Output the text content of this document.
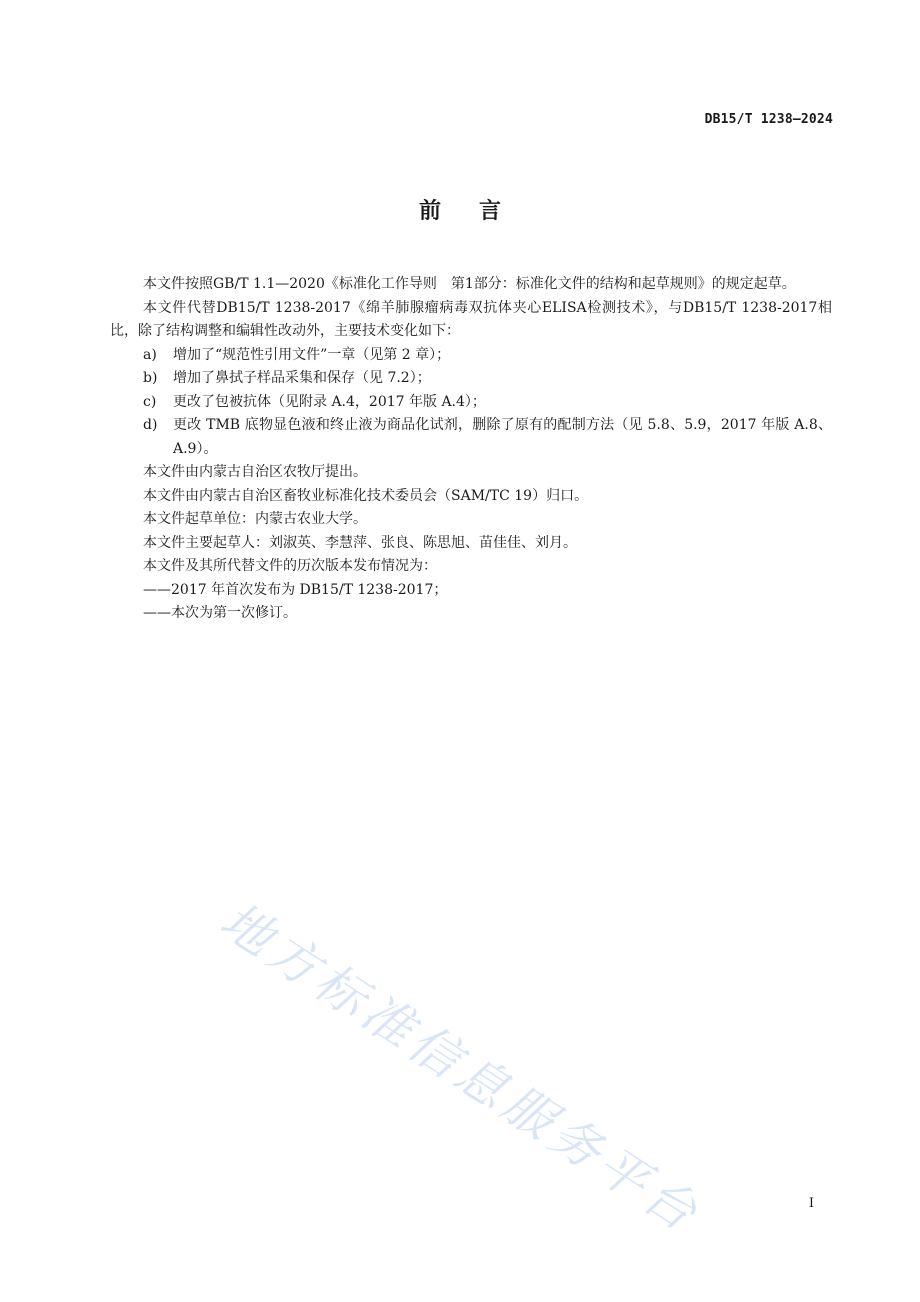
DB15/T 1238—2024
前言

本文件按照GB/T 1.1—2020《标准化工作导则　第1部分：标准化文件的结构和起草规则》的规定起草。

本文件代替DB15/T 1238-2017《绵羊肺腺瘤病毒双抗体夹心ELISA检测技术》，与DB15/T 1238-2017相比，除了结构调整和编辑性改动外，主要技术变化如下：

a)	增加了“规范性引用文件”一章（见第 2 章）；
b)	增加了鼻拭子样品采集和保存（见 7.2）；
c)	更改了包被抗体（见附录 A.4，2017 年版 A.4）；
d)	更改 TMB 底物显色液和终止液为商品化试剂，删除了原有的配制方法（见 5.8、5.9，2017 年版 A.8、A.9）。

本文件由内蒙古自治区农牧厅提出。

本文件由内蒙古自治区畜牧业标准化技术委员会（SAM/TC 19）归口。

本文件起草单位：内蒙古农业大学。

本文件主要起草人：刘淑英、李慧萍、张良、陈思旭、苗佳佳、刘月。

本文件及其所代替文件的历次版本发布情况为：

——2017 年首次发布为 DB15/T 1238-2017；

——本次为第一次修订。

地方标准信息服务平台	I
